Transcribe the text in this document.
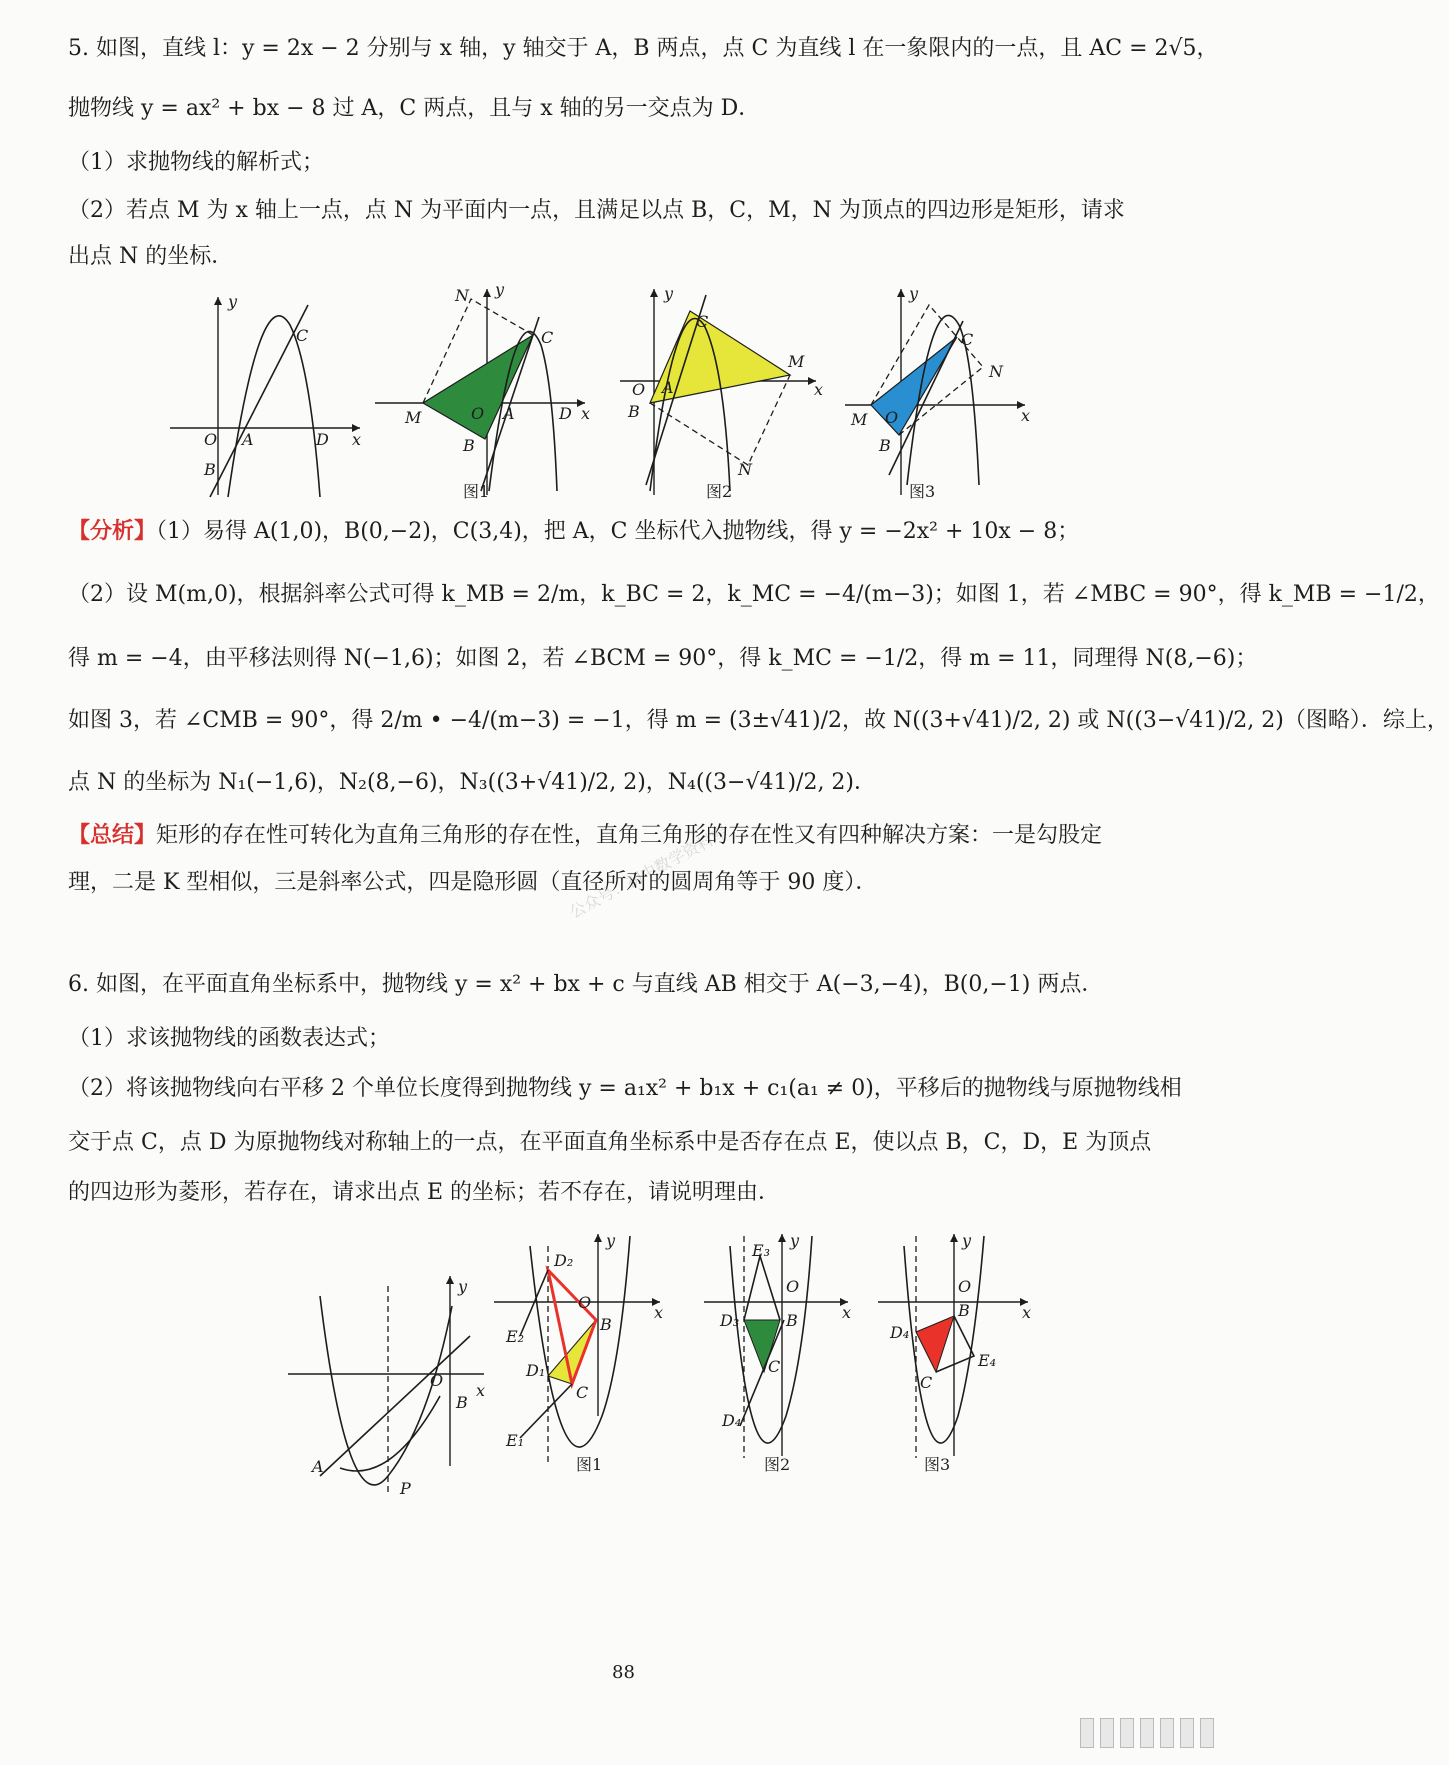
5. 如图，直线 l：y = 2x − 2 分别与 x 轴，y 轴交于 A，B 两点，点 C 为直线 l 在一象限内的一点，且 AC = 2√5，
抛物线 y = ax² + bx − 8 过 A，C 两点，且与 x 轴的另一交点为 D．
（1）求抛物线的解析式；
（2）若点 M 为 x 轴上一点，点 N 为平面内一点，且满足以点 B，C，M，N 为顶点的四边形是矩形，请求
出点 N 的坐标．
y
x
O A
B
C
D
N y
x
M	O A
B
C
D
图1
y
x
O A
B
C
M
N
图2
y
x
M O
B
C
N
图3
【分析】（1）易得 A(1,0)，B(0,−2)，C(3,4)，把 A，C 坐标代入抛物线，得 y = −2x² + 10x − 8；
（2）设 M(m,0)，根据斜率公式可得 k_MB = 2/m，k_BC = 2，k_MC = −4/(m−3)；如图 1，若 ∠MBC = 90°，得 k_MB = −1/2，
得 m = −4，由平移法则得 N(−1,6)；如图 2，若 ∠BCM = 90°，得 k_MC = −1/2，得 m = 11，同理得 N(8,−6)；
如图 3，若 ∠CMB = 90°，得 2/m • −4/(m−3) = −1，得 m = (3±√41)/2，故 N((3+√41)/2, 2) 或 N((3−√41)/2, 2)（图略）．综上，
点 N 的坐标为 N₁(−1,6)，N₂(8,−6)，N₃((3+√41)/2, 2)，N₄((3−√41)/2, 2)．
公众号：初中数学资料库
【总结】矩形的存在性可转化为直角三角形的存在性，直角三角形的存在性又有四种解决方案：一是勾股定
理，二是 K 型相似，三是斜率公式，四是隐形圆（直径所对的圆周角等于 90 度）．
6. 如图，在平面直角坐标系中，抛物线 y = x² + bx + c 与直线 AB 相交于 A(−3,−4)，B(0,−1) 两点．
（1）求该抛物线的函数表达式；
（2）将该抛物线向右平移 2 个单位长度得到抛物线 y = a₁x² + b₁x + c₁(a₁ ≠ 0)，平移后的抛物线与原抛物线相
交于点 C，点 D 为原抛物线对称轴上的一点，在平面直角坐标系中是否存在点 E，使以点 B，C，D，E 为顶点
的四边形为菱形，若存在，请求出点 E 的坐标；若不存在，请说明理由．
y
x
O
B
A
P
y
x
O
B
C
D₂
D₁
E₂
E₁
图1
y
x
E₃
O
D₃	B
C
D₄
图2
y
x
O
B
D₄
E₄
C
图3
88
